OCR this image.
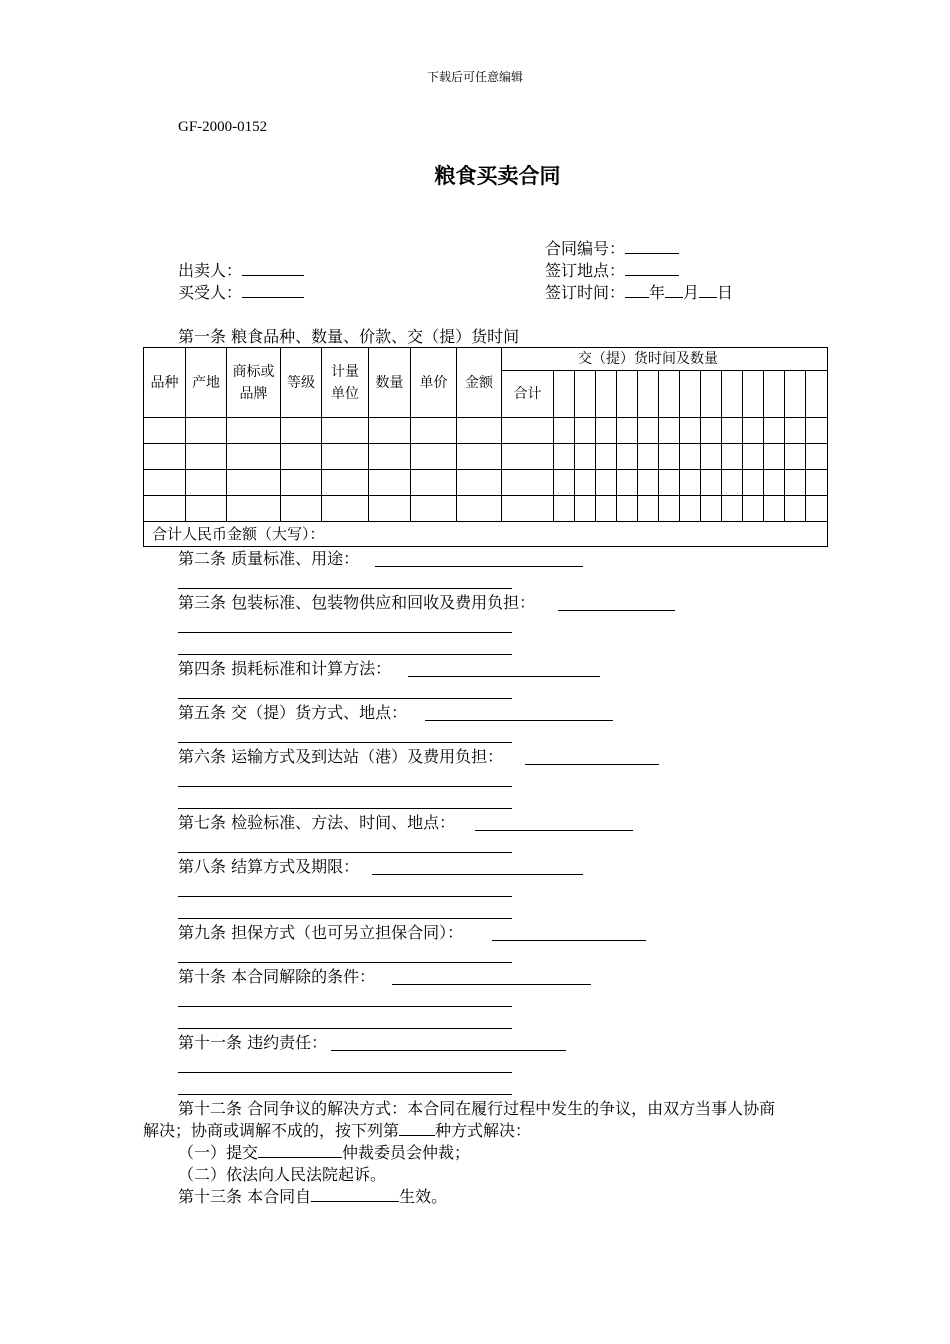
下载后可任意编辑
GF-2000-0152
粮食买卖合同
合同编号：
签订地点：
签订时间： 年 月 日
出卖人：
买受人：
第一条 粮食品种、数量、价款、交（提）货时间
品种	产地	商标或品牌	等级	计量单位	数量	单价	金额	交（提）货时间及数量													
								合计													

合计人民币金额（大写）：																					
第二条 质量标准、用途：
第三条 包装标准、包装物供应和回收及费用负担：
第四条 损耗标准和计算方法：
第五条 交（提）货方式、地点：
第六条 运输方式及到达站（港）及费用负担：
第七条 检验标准、方法、时间、地点：
第八条 结算方式及期限：
第九条 担保方式（也可另立担保合同）：
第十条 本合同解除的条件：
第十一条 违约责任：
第十二条 合同争议的解决方式：本合同在履行过程中发生的争议，由双方当事人协商
解决；协商或调解不成的，按下列第 种方式解决：
（一）提交	仲裁委员会仲裁；
（二）依法向人民法院起诉。
第十三条 本合同自	生效。
